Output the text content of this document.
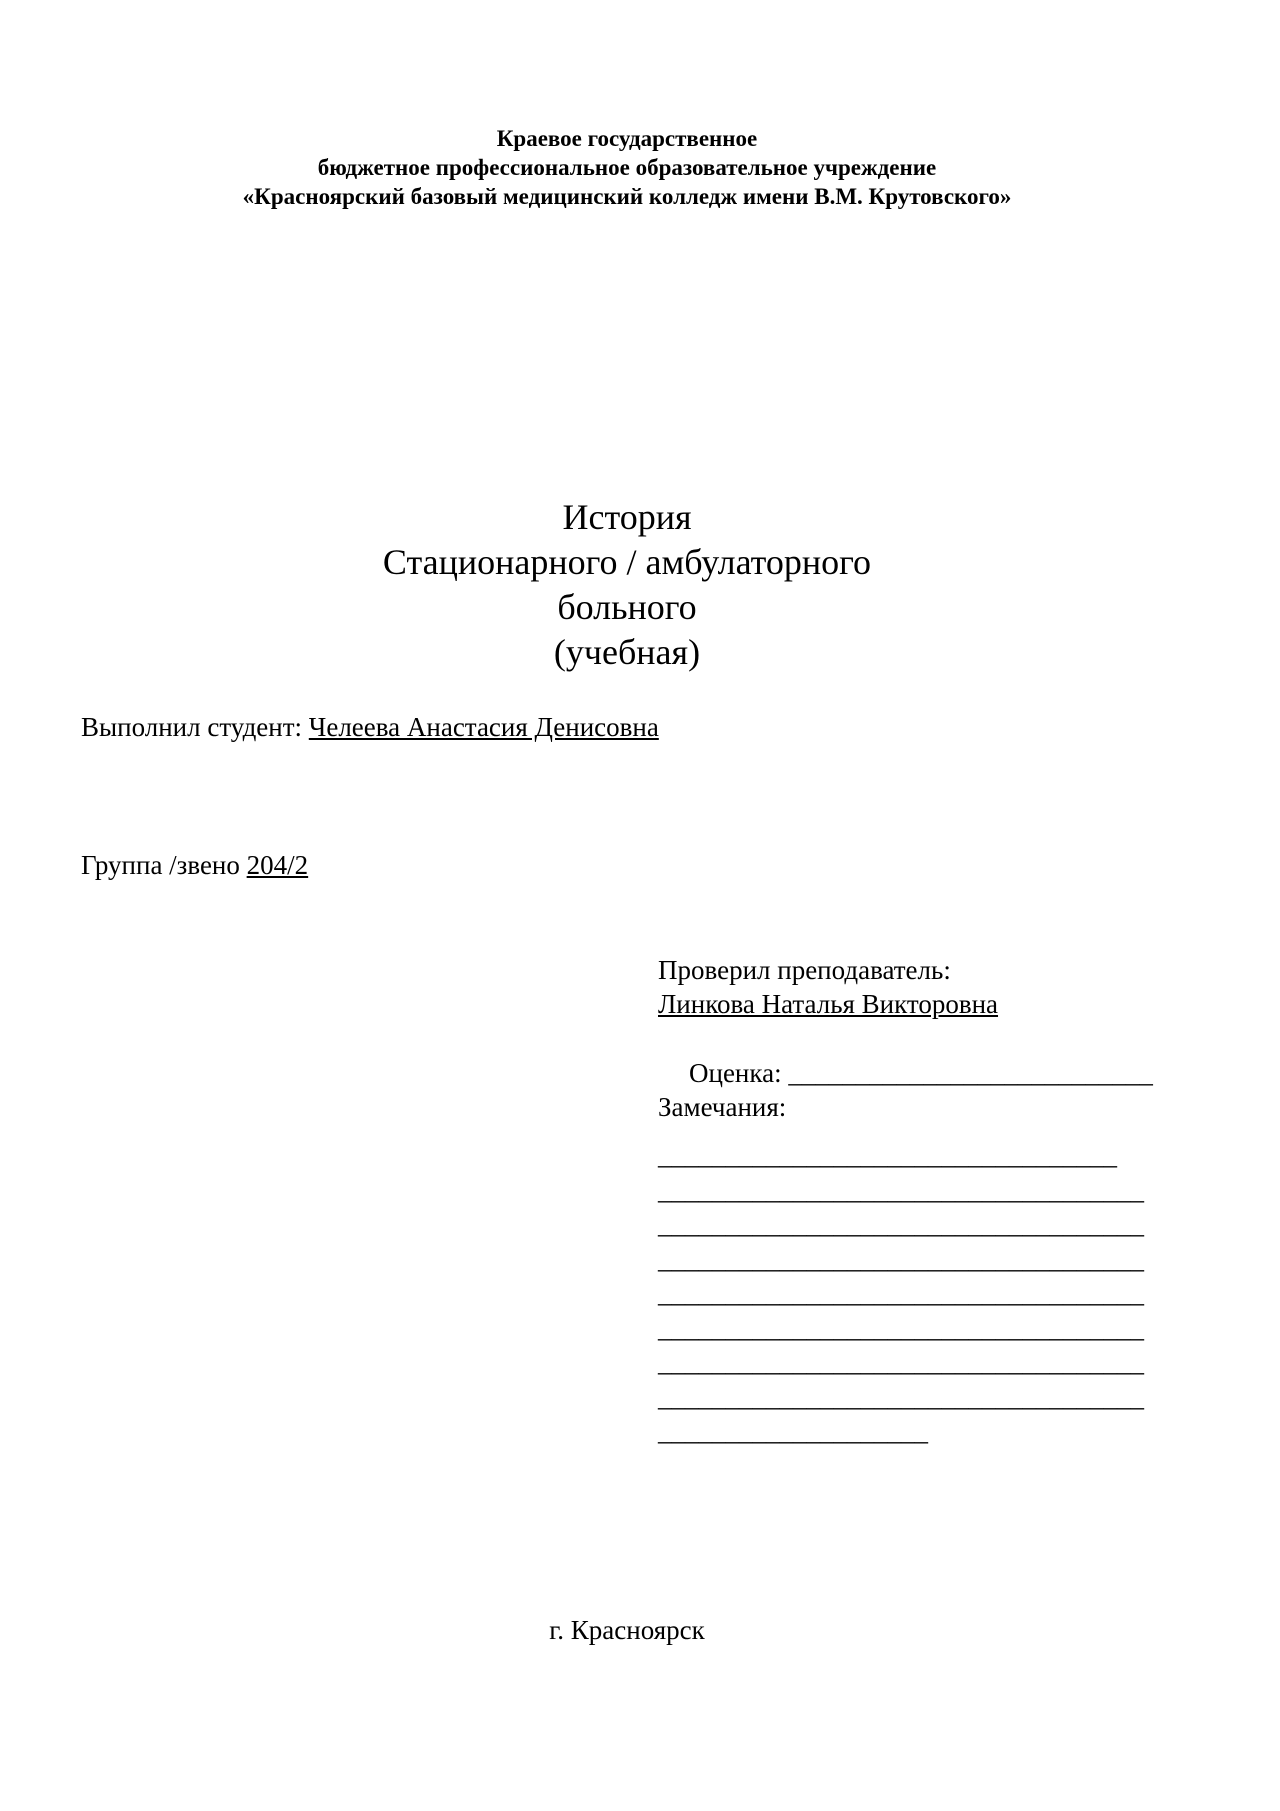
Краевое государственное
бюджетное профессиональное образовательное учреждение
«Красноярский базовый медицинский колледж имени В.М. Крутовского»
История
Стационарного / амбулаторного
больного
(учебная)
Выполнил студент: Челеева Анастасия Денисовна
Группа /звено 204/2
Проверил преподаватель:
Линкова Наталья Викторовна
Оценка: ___________________________
Замечания:
__________________________________
____________________________________
____________________________________
____________________________________
____________________________________
____________________________________
____________________________________
____________________________________
____________________
г. Красноярск
